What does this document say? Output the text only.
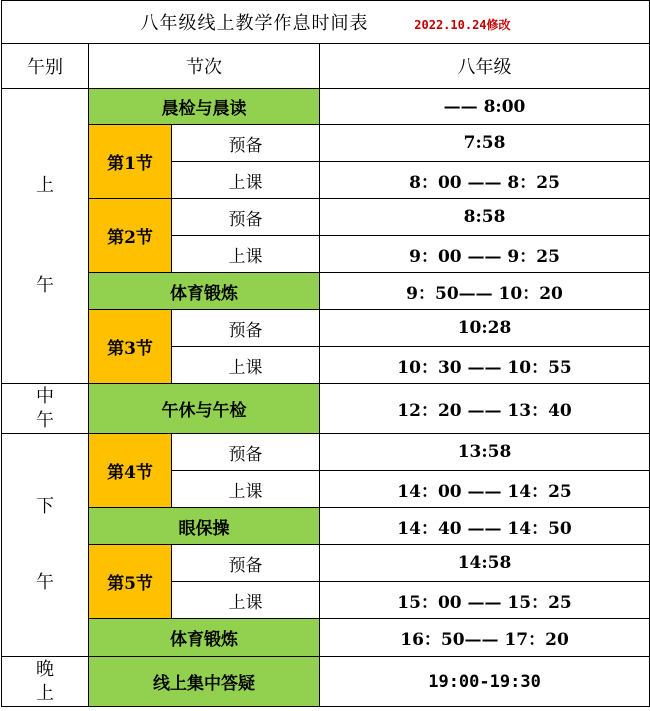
八年级线上教学作息时间表 2022.10.24修改			
午别	节次		八年级

上
午	晨检与晨读		—— 8:00
	第1节	预备	7:58
		上课	8：00 —— 8：25
	第2节	预备	8:58
		上课	9：00 —— 9：25
	体育锻炼		9：50—— 10：20
	第3节	预备	10:28
		上课	10：30 —— 10：55

中
午	午休与午检		12：20 —— 13：40

下
午	第4节	预备	13:58
		上课	14：00 —— 14：25
	眼保操		14：40 —— 14：50
	第5节	预备	14:58
		上课	15：00 —— 15：25
	体育锻炼		16：50—— 17：20

晚
上	线上集中答疑		19:00-19:30
